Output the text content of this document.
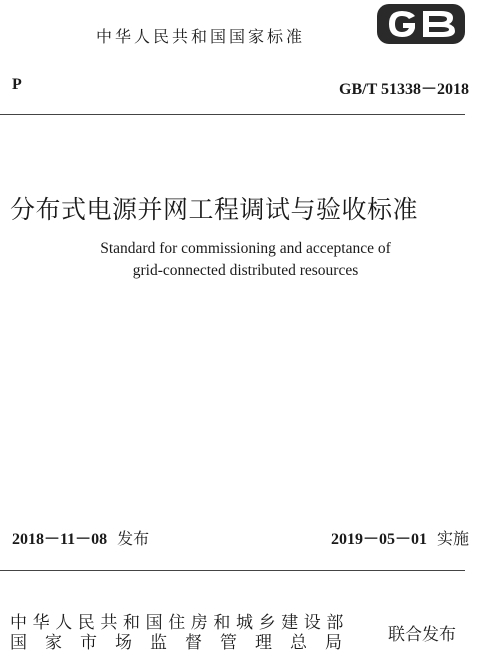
中华人民共和国国家标准
P	GB/T 51338－2018
分布式电源并网工程调试与验收标准
Standard for commissioning and acceptance of
grid-connected distributed resources
2018－11－08 发布	2019－05－01 实施
中华人民共和国住房和城乡建设部
国家市场监督管理总局 联合发布
